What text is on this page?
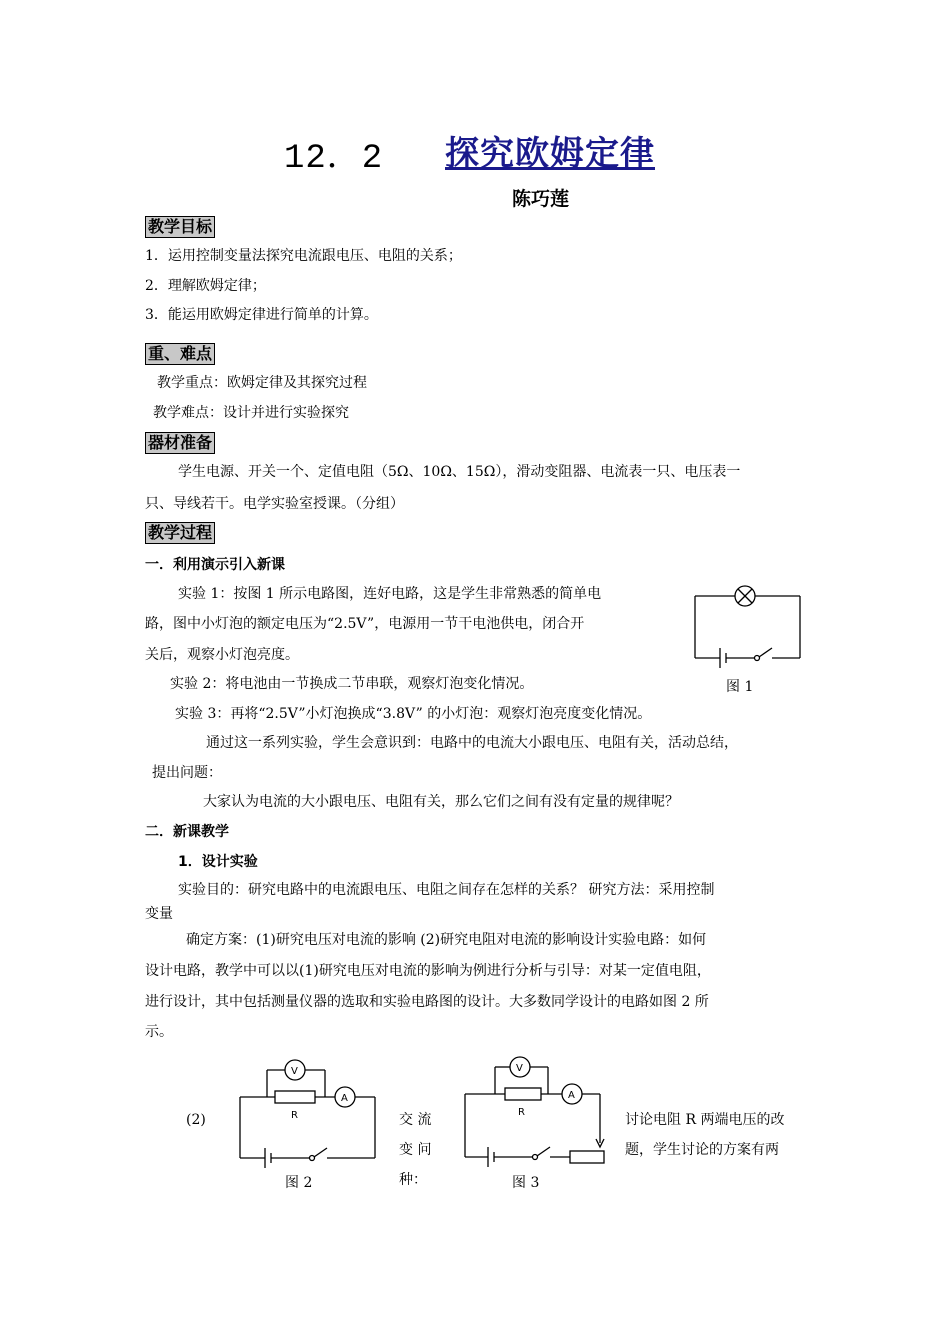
12．2 探究欧姆定律
陈巧莲
教学目标
1．运用控制变量法探究电流跟电压、电阻的关系；
2．理解欧姆定律；
3．能运用欧姆定律进行简单的计算。
重、难点
教学重点：欧姆定律及其探究过程
教学难点：设计并进行实验探究
器材准备
学生电源、开关一个、定值电阻（5Ω、10Ω、15Ω），滑动变阻器、电流表一只、电压表一
只、导线若干。电学实验室授课。（分组）
教学过程
一．利用演示引入新课
实验 1：按图 1 所示电路图，连好电路，这是学生非常熟悉的简单电
路，图中小灯泡的额定电压为“2.5V”，电源用一节干电池供电，闭合开
关后，观察小灯泡亮度。
图 1
实验 2：将电池由一节换成二节串联，观察灯泡变化情况。
实验 3：再将“2.5V”小灯泡换成“3.8V” 的小灯泡：观察灯泡亮度变化情况。
通过这一系列实验，学生会意识到：电路中的电流大小跟电压、电阻有关，活动总结，
提出问题：
大家认为电流的大小跟电压、电阻有关，那么它们之间有没有定量的规律呢？
二．新课教学
1．设计实验
实验目的：研究电路中的电流跟电压、电阻之间存在怎样的关系？ 研究方法：采用控制
变量
确定方案：(1)研究电压对电流的影响 (2)研究电阻对电流的影响设计实验电路：如何
设计电路，教学中可以以(1)研究电压对电流的影响为例进行分析与引导：对某一定值电阻，
进行设计，其中包括测量仪器的选取和实验电路图的设计。大多数同学设计的电路如图 2 所
示。
(2)
V
R
A
图 2
交 流
变 问
种：
V
R
A
图 3
讨论电阻 R 两端电压的改
题，学生讨论的方案有两
